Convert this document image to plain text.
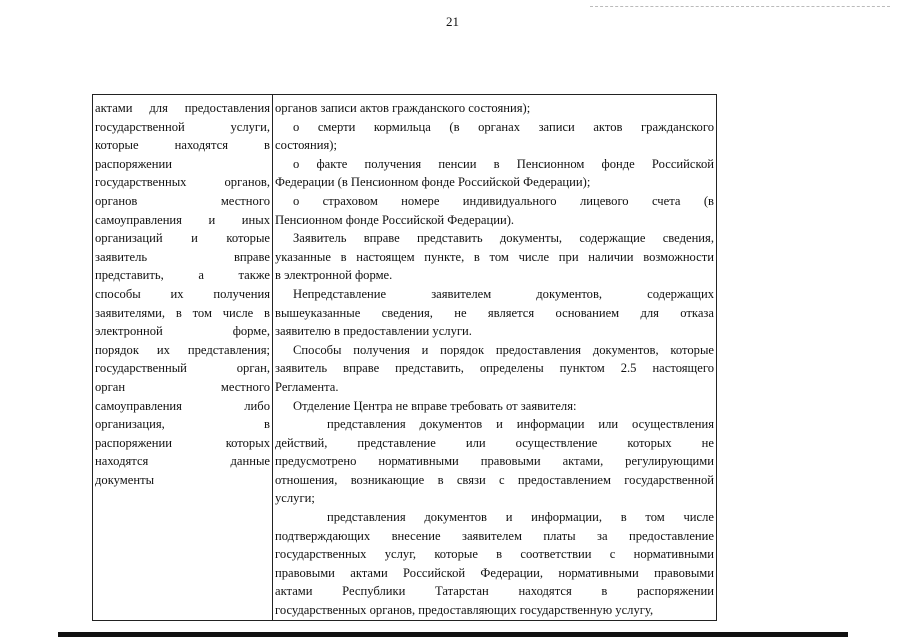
21

актами для предоставления

государственной услуги,

которые находятся в

распоряжении

государственных органов,

органов местного

самоуправления и иных

организаций и которые

заявитель вправе

представить, а также

способы их получения

заявителями, в том числе в

электронной форме,

порядок их представления;

государственный орган,

орган местного

самоуправления либо

организация, в

распоряжении которых

находятся данные

документы

органов записи актов гражданского состояния);

о смерти кормильца (в органах записи актов гражданского

состояния);

о факте получения пенсии в Пенсионном фонде Российской

Федерации (в Пенсионном фонде Российской Федерации);

о страховом номере индивидуального лицевого счета (в

Пенсионном фонде Российской Федерации).

Заявитель вправе представить документы, содержащие сведения,

указанные в настоящем пункте, в том числе при наличии возможности

в электронной форме.

Непредставление заявителем документов, содержащих

вышеуказанные сведения, не является основанием для отказа

заявителю в предоставлении услуги.

Способы получения и порядок предоставления документов, которые

заявитель вправе представить, определены пунктом 2.5 настоящего

Регламента.

Отделение Центра не вправе требовать от заявителя:

представления документов и информации или осуществления

действий, представление или осуществление которых не

предусмотрено нормативными правовыми актами, регулирующими

отношения, возникающие в связи с предоставлением государственной

услуги;

представления документов и информации, в том числе

подтверждающих внесение заявителем платы за предоставление

государственных услуг, которые в соответствии с нормативными

правовыми актами Российской Федерации, нормативными правовыми

актами Республики Татарстан находятся в распоряжении

государственных органов, предоставляющих государственную услугу,
